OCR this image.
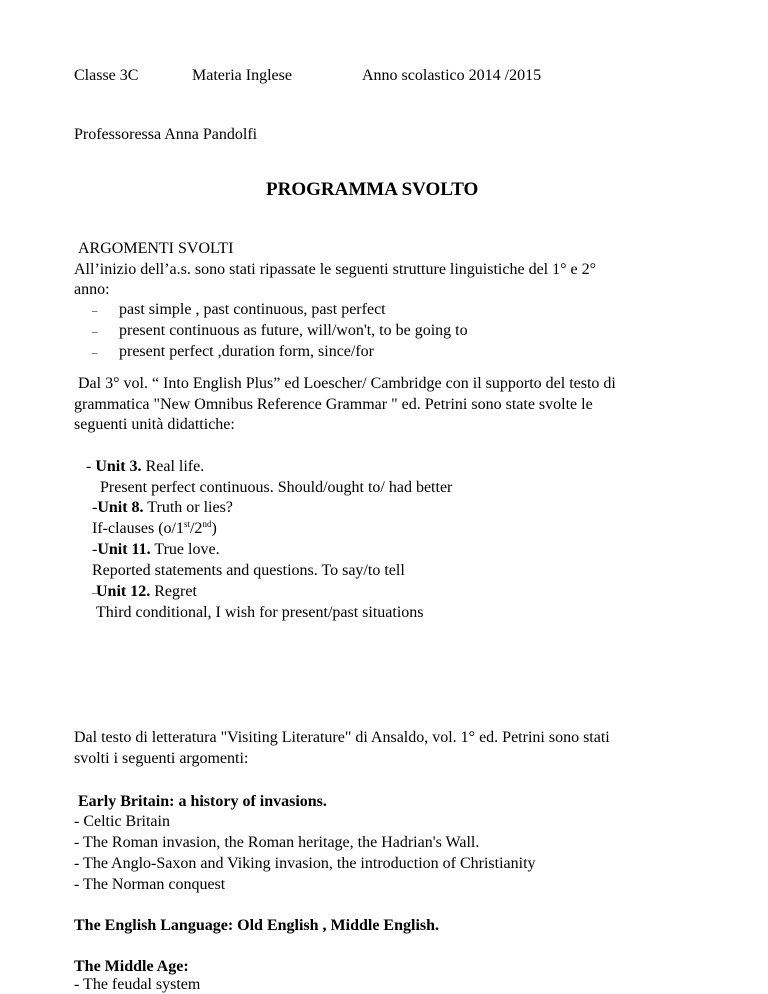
Classe 3C	Materia Inglese	Anno scolastico 2014 /2015
Professoressa Anna Pandolfi
PROGRAMMA SVOLTO
ARGOMENTI SVOLTI
All’inizio dell’a.s. sono stati ripassate le seguenti strutture linguistiche del 1° e 2°
anno:
– past simple , past continuous, past perfect
– present continuous as future, will/won't, to be going to
– present perfect ,duration form, since/for
Dal 3° vol. “ Into English Plus” ed Loescher/ Cambridge con il supporto del testo di
grammatica "New Omnibus Reference Grammar " ed. Petrini sono state svolte le
seguenti unità didattiche:
- Unit 3. Real life.
Present perfect continuous. Should/ought to/ had better
-Unit 8. Truth or lies?
If-clauses (o/1st/2nd)
-Unit 11. True love.
Reported statements and questions. To say/to tell
–
Unit 12. Regret
Third conditional, I wish for present/past situations
Dal testo di letteratura "Visiting Literature" di Ansaldo, vol. 1° ed. Petrini sono stati
svolti i seguenti argomenti:
Early Britain: a history of invasions.
- Celtic Britain
- The Roman invasion, the Roman heritage, the Hadrian's Wall.
- The Anglo-Saxon and Viking invasion, the introduction of Christianity
- The Norman conquest
The English Language: Old English , Middle English.
The Middle Age:
- The feudal system
